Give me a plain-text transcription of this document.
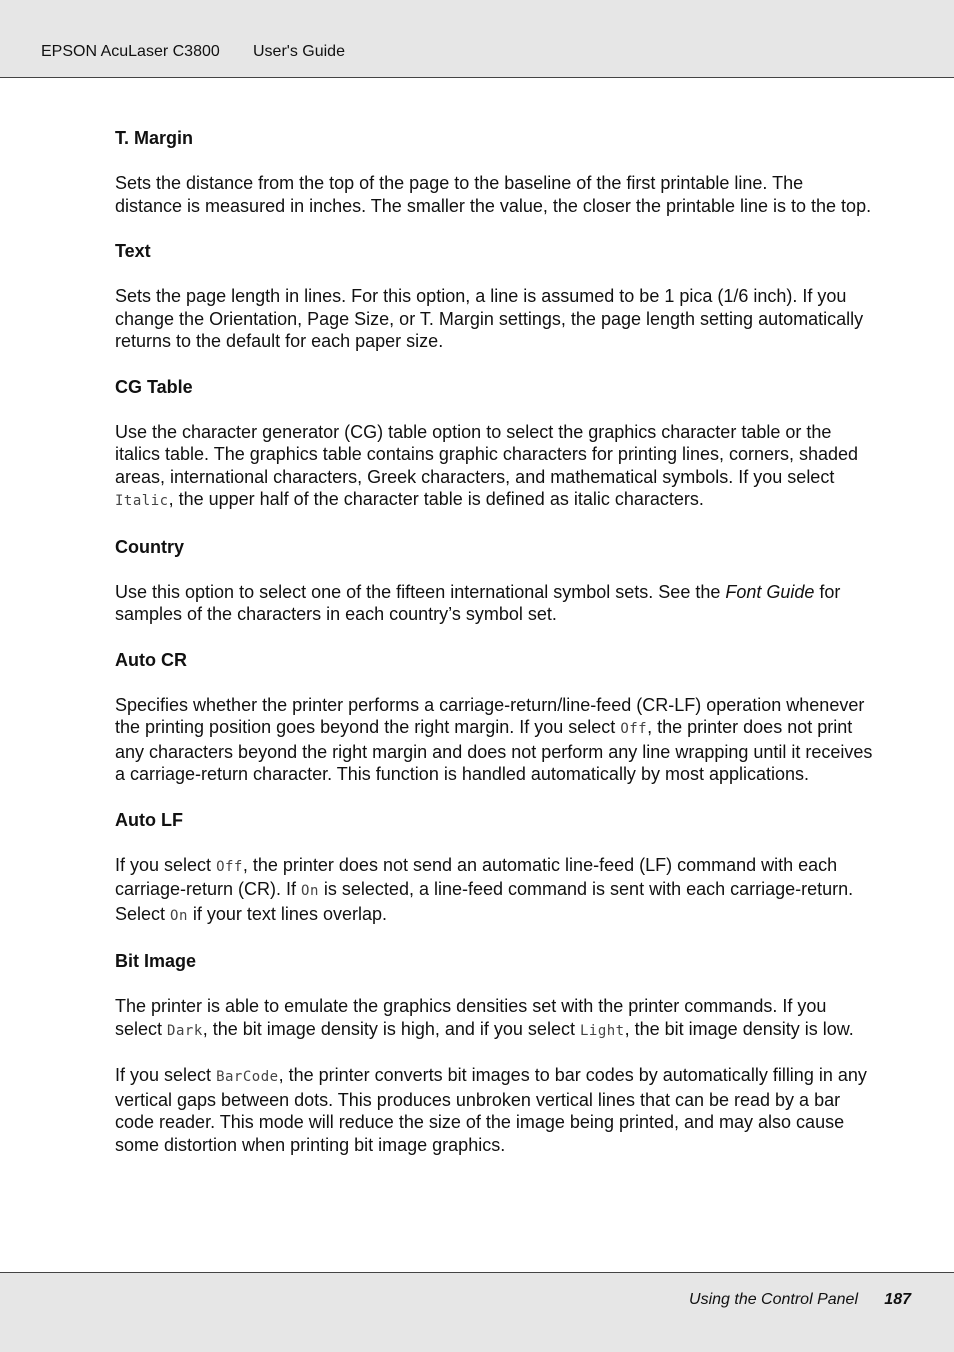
EPSON AcuLaser C3800 User's Guide
T. Margin

Sets the distance from the top of the page to the baseline of the first printable line. The distance is measured in inches. The smaller the value, the closer the printable line is to the top.

Text

Sets the page length in lines. For this option, a line is assumed to be 1 pica (1/6 inch). If you change the Orientation, Page Size, or T. Margin settings, the page length setting automatically returns to the default for each paper size.

CG Table

Use the character generator (CG) table option to select the graphics character table or the italics table. The graphics table contains graphic characters for printing lines, corners, shaded areas, international characters, Greek characters, and mathematical symbols. If you select Italic, the upper half of the character table is defined as italic characters.

Country

Use this option to select one of the fifteen international symbol sets. See the Font Guide for samples of the characters in each country’s symbol set.

Auto CR

Specifies whether the printer performs a carriage-return/line-feed (CR-LF) operation whenever the printing position goes beyond the right margin. If you select Off, the printer does not print any characters beyond the right margin and does not perform any line wrapping until it receives a carriage-return character. This function is handled automatically by most applications.

Auto LF

If you select Off, the printer does not send an automatic line-feed (LF) command with each carriage-return (CR). If On is selected, a line-feed command is sent with each carriage-return. Select On if your text lines overlap.

Bit Image

The printer is able to emulate the graphics densities set with the printer commands. If you select Dark, the bit image density is high, and if you select Light, the bit image density is low.

If you select BarCode, the printer converts bit images to bar codes by automatically filling in any vertical gaps between dots. This produces unbroken vertical lines that can be read by a bar code reader. This mode will reduce the size of the image being printed, and may also cause some distortion when printing bit image graphics.

Using the Control Panel 187
